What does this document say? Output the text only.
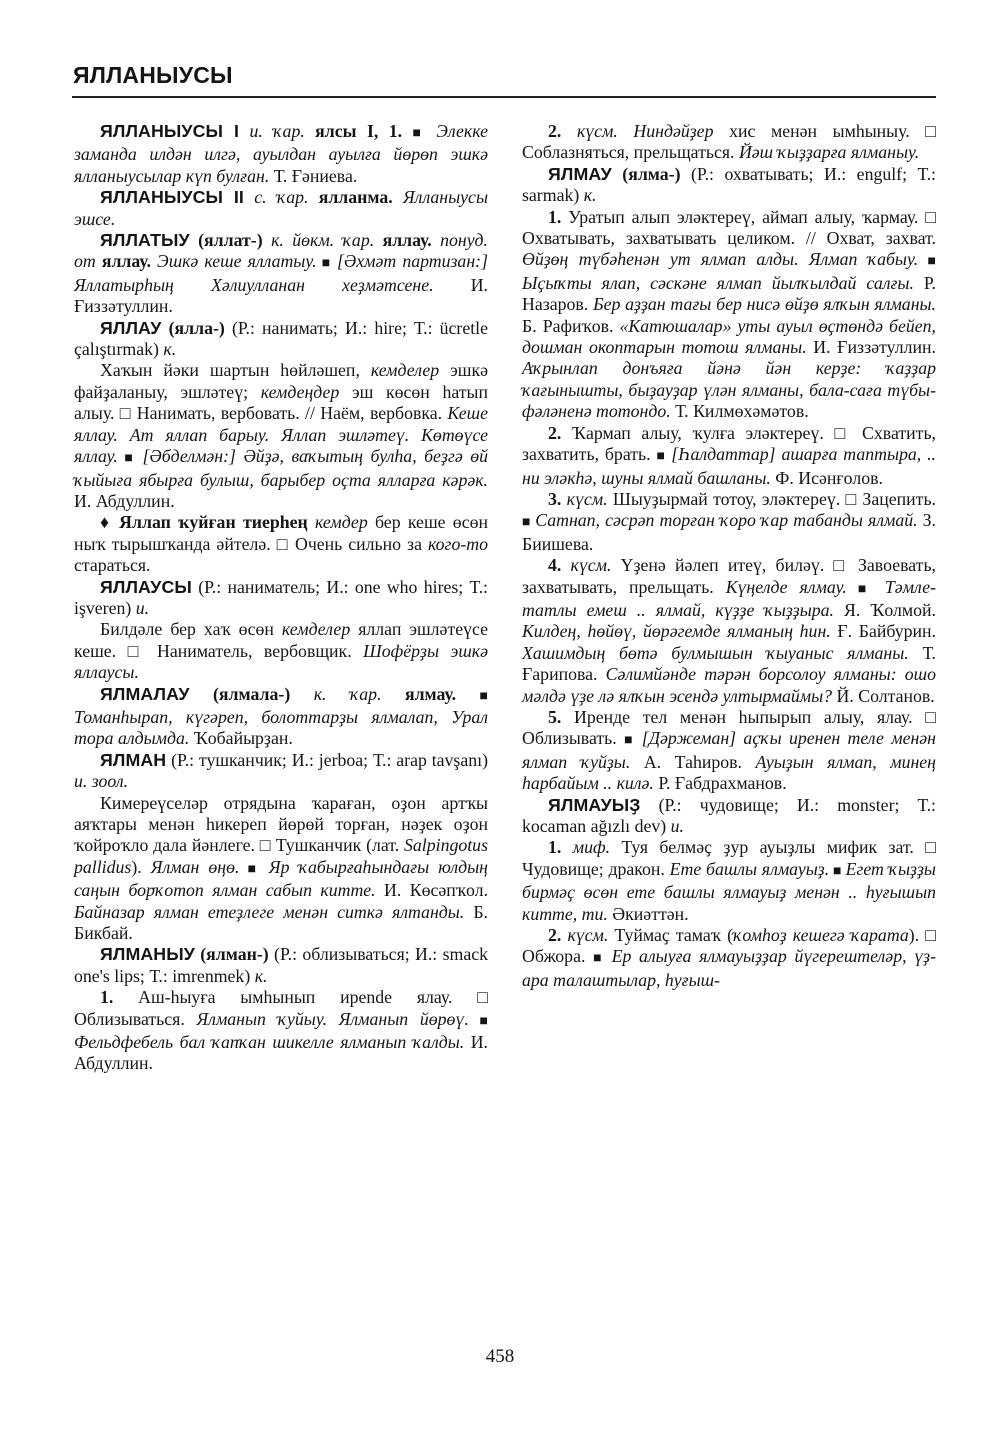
ЯЛЛАНЫУСЫ

ЯЛЛАНЫУСЫ I и. ҡар. ялсы I, 1. ■ Элекке заманда илдән илгә, ауылдан ауылға йөрөп эшкә ялланыусылар күп булған. Т. Ғәниева.

ЯЛЛАНЫУСЫ II с. ҡар. ялланма. Ялланыусы эшсе.

ЯЛЛАТЫУ (яллат-) к. йөкм. ҡар. яллау. понуд. от яллау. Эшкә кеше яллатыу. ■ [Әхмәт партизан:] Яллатырһың Хәлиулланан хеҙмәтсене. И. Ғиззәтуллин.

ЯЛЛАУ (ялла-) (Р.: нанимать; И.: hire; Т.: ücretle çalıştırmak) к.

Хаҡын йәки шартын һөйләшеп, кемделер эшкә файҙаланыу, эшләтеү; кемдеңдер эш көсөн һатып алыу. □ Нанимать, вербовать. // Наём, вербовка. Кеше яллау. Ат яллап барыу. Яллап эшләтеү. Көтөүсе яллау. ■ [Әбделмән:] Әйҙә, ваҡытың булһа, беҙгә өй ҡыйыға ябырға булыш, барыбер оҫта ялларға кәрәк. И. Абдуллин.

♦ Яллап ҡуйған тиерһең кемдер бер кеше өсөн ныҡ тырышҡанда әйтелә. □ Очень сильно за кого-то стараться.

ЯЛЛАУСЫ (Р.: наниматель; И.: one who hires; Т.: işveren) и.

Билдәле бер хаҡ өсөн кемделер яллап эшләтеүсе кеше. □ Наниматель, вербовщик. Шофёрҙы эшкә яллаусы.

ЯЛМАЛАУ (ялмала-) к. ҡар. ялмау. ■ Томанһырап, күгәреп, болоттарҙы ялмалап, Урал тора алдымда. Ҡобайырҙан.

ЯЛМАН (Р.: тушканчик; И.: jerboa; Т.: arap tavşanı) и. зоол.

Кимереүселәр отрядына ҡараған, оҙон артҡы аяҡтары менән һикереп йөрөй торған, нәҙек оҙон ҡойроҡло дала йәнлеге. □ Тушканчик (лат. Salpingotus pallidus). Ялман өңө. ■ Яр ҡабырғаһындағы юлдың саңын борҡотоп ялман сабып китте. И. Көсәпҡол. Байназар ялман етеҙлеге менән ситкә ялтанды. Б. Бикбай.

ЯЛМАНЫУ (ялман-) (Р.: облизываться; И.: smack one's lips; Т.: imrenmek) к.

1. Аш-һыуға ымһынып ирende ялау. □ Облизываться. Ялманып ҡуйыу. Ялманып йөрөү. ■ Фельдфебель бал ҡапҡан шикелле ялманып ҡалды. И. Абдуллин.

2. күсм. Ниндәйҙер хис менән ымһыныу. □ Соблазняться, прельщаться. Йәш ҡыҙҙарға ялманыу.

ЯЛМАУ (ялма-) (Р.: охватывать; И.: engulf; Т.: sarmak) к.

1. Уратып алып эләктереү, аймап алыу, ҡармау. □ Охватывать, захватывать целиком. // Охват, захват. Өйҙөң түбәһенән ут ялмап алды. Ялмап ҡабыу. ■ Ыҫыҡты ялап, сәскәне ялмап йылҡылдай салғы. Р. Назаров. Бер аҙҙан тағы бер нисә өйҙө ялҡын ялманы. Б. Рафиҡов. «Катюшалар» уты ауыл өҫтөндә бейеп, дошман окоптарын тотош ялманы. И. Ғиззәтуллин. Аҡрынлап донъяға йәнә йән керҙе: ҡаҙҙар ҡағынышты, быҙауҙар үлән ялманы, бала-саға түбы-фәләненә тотондо. Т. Килмөхәмәтов.

2. Ҡармап алыу, ҡулға эләктереү. □ Схватить, захватить, брать. ■ [Һалдаттар] ашарға таптыра, .. ни эләкһә, шуны ялмай башланы. Ф. Исәнғолов.

3. күсм. Шыуҙырмай тотоу, эләктереү. □ Зацепить. ■ Сатнап, сәсрәп торған ҡоро ҡар табанды ялмай. З. Биишева.

4. күсм. Үҙенә йәлеп итеү, биләү. □ Завоевать, захватывать, прельщать. Күңелде ялмау. ■ Тәмле-татлы емеш .. ялмай, күҙҙе ҡыҙҙыра. Я. Ҡолмой. Килдең, һөйөү, йөрәгемде ялманың һин. Ғ. Байбурин. Хашимдың бөтә булмышын ҡыуаныс ялманы. Т. Ғарипова. Сәлимйәнде тәрән борсолоу ялманы: ошо мәлдә үҙе лә ялҡын эсендә ултырмаймы? Й. Солтанов.

5. Иренде тел менән һыпырып алыу, ялау. □ Облизывать. ■ [Дәржеман] аҫҡы иренен теле менән ялмап ҡуйҙы. А. Таһиров. Ауыҙын ялмап, минең һарбайым .. килә. Р. Ғабдрахманов.

ЯЛМАУЫҘ (Р.: чудовище; И.: monster; Т.: kocaman ağızlı dev) и.

1. миф. Туя белмәҫ ҙур ауыҙлы мифик зат. □ Чудовище; дракон. Ете башлы ялмауыҙ. ■ Егет ҡыҙҙы бирмәҫ өсөн ете башлы ялмауыҙ менән .. һуғышып китте, ти. Әкиәттән.

2. күсм. Туймаҫ тамаҡ (ҡомһоҙ кешегә ҡарата). □ Обжора. ■ Ер алыуға ялмауыҙҙар йүгерештеләр, үҙ-ара талаштылар, һуғыш-

458
